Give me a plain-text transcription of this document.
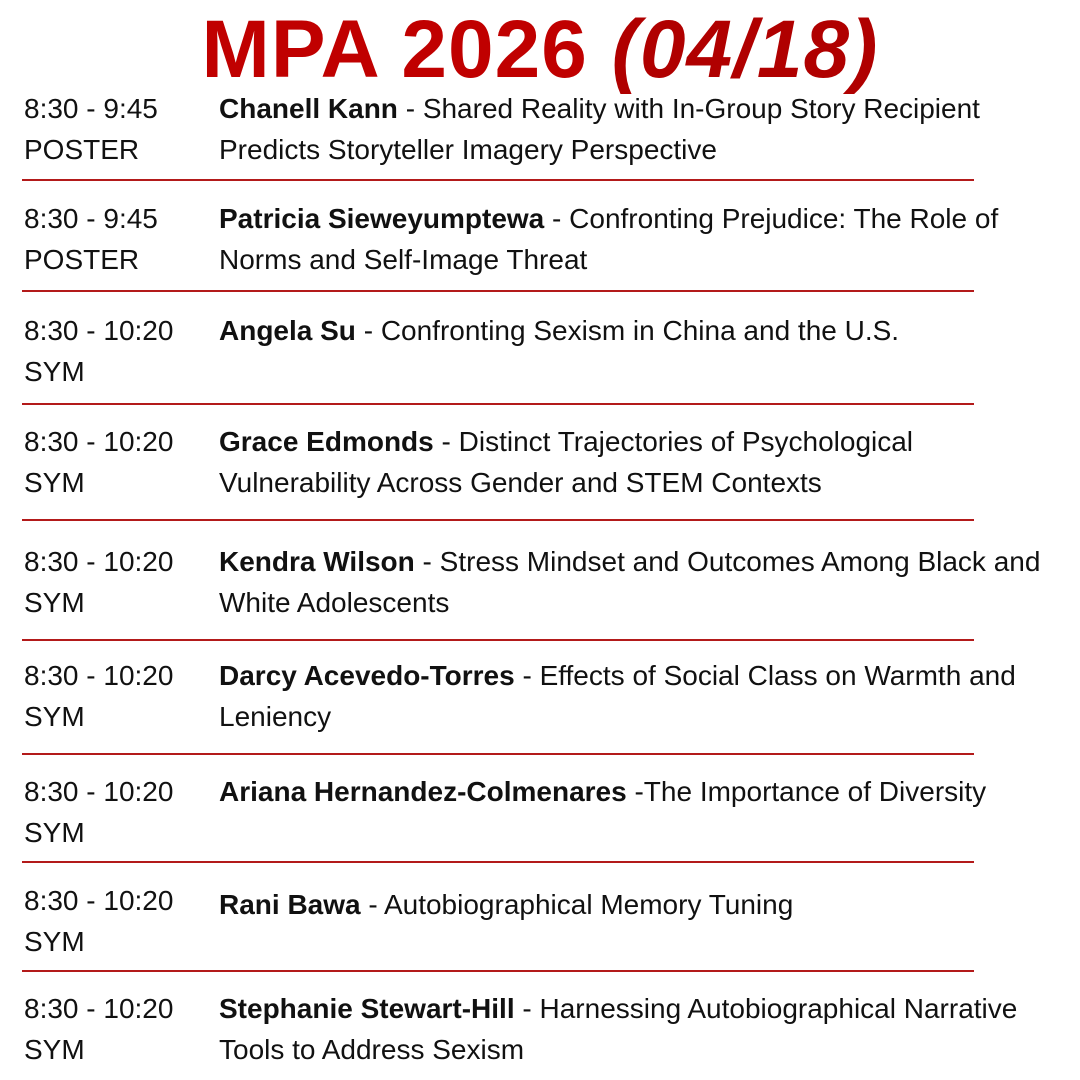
MPA 2026 (04/18)
8:30 - 9:45
POSTER
Chanell Kann - Shared Reality with In-Group Story Recipient Predicts Storyteller Imagery Perspective
8:30 - 9:45
POSTER
Patricia Sieweyumptewa - Confronting Prejudice: The Role of Norms and Self-Image Threat
8:30 - 10:20
SYM
Angela Su - Confronting Sexism in China and the U.S.
8:30 - 10:20
SYM
Grace Edmonds - Distinct Trajectories of Psychological Vulnerability Across Gender and STEM Contexts
8:30 - 10:20
SYM
Kendra Wilson - Stress Mindset and Outcomes Among Black and White Adolescents
8:30 - 10:20
SYM
Darcy Acevedo-Torres - Effects of Social Class on Warmth and Leniency
8:30 - 10:20
SYM
Ariana Hernandez-Colmenares -The Importance of Diversity
8:30 - 10:20
SYM
Rani Bawa - Autobiographical Memory Tuning
8:30 - 10:20
SYM
Stephanie Stewart-Hill - Harnessing Autobiographical Narrative Tools to Address Sexism
